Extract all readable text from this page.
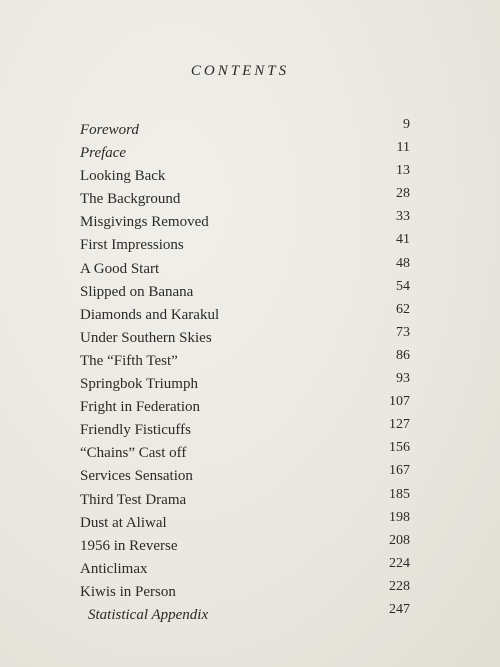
CONTENTS
Foreword	9
Preface	11
Looking Back	13
The Background	28
Misgivings Removed	33
First Impressions	41
A Good Start	48
Slipped on Banana	54
Diamonds and Karakul	62
Under Southern Skies	73
The “Fifth Test”	86
Springbok Triumph	93
Fright in Federation	107
Friendly Fisticuffs	127
“Chains” Cast off	156
Services Sensation	167
Third Test Drama	185
Dust at Aliwal	198
1956 in Reverse	208
Anticlimax	224
Kiwis in Person	228
Statistical Appendix	247
